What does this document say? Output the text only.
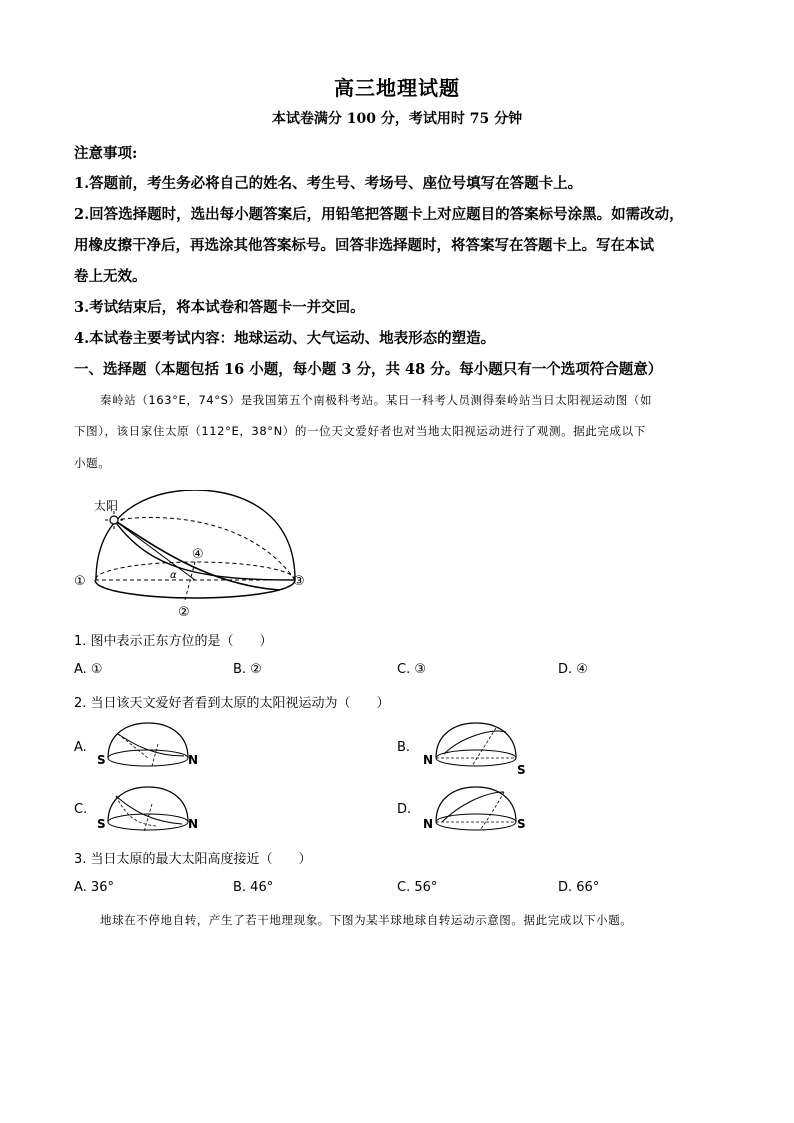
高三地理试题
本试卷满分 100 分，考试用时 75 分钟
注意事项:
1.答题前，考生务必将自己的姓名、考生号、考场号、座位号填写在答题卡上。
2.回答选择题时，选出每小题答案后，用铅笔把答题卡上对应题目的答案标号涂黑。如需改动，
用橡皮擦干净后，再选涂其他答案标号。回答非选择题时，将答案写在答题卡上。写在本试
卷上无效。
3.考试结束后，将本试卷和答题卡一并交回。
4.本试卷主要考试内容：地球运动、大气运动、地表形态的塑造。
一、选择题（本题包括 16 小题，每小题 3 分，共 48 分。每小题只有一个选项符合题意）
秦岭站（163°E，74°S）是我国第五个南极科考站。某日一科考人员测得秦岭站当日太阳视运动图（如
下图），该日家住太原（112°E，38°N）的一位天文爱好者也对当地太阳视运动进行了观测。据此完成以下
小题。
太阳
①
②
③
④
α
1. 图中表示正东方位的是（　　）
A. ①	B. ②	C. ③	D. ④
2. 当日该天文爱好者看到太原的太阳视运动为（　　）
A.
S	N
B.
N
S
C.
S	N
D.
N	S
3. 当日太原的最大太阳高度接近（　　）
A. 36°	B. 46°	C. 56°	D. 66°
地球在不停地自转，产生了若干地理现象。下图为某半球地球自转运动示意图。据此完成以下小题。
